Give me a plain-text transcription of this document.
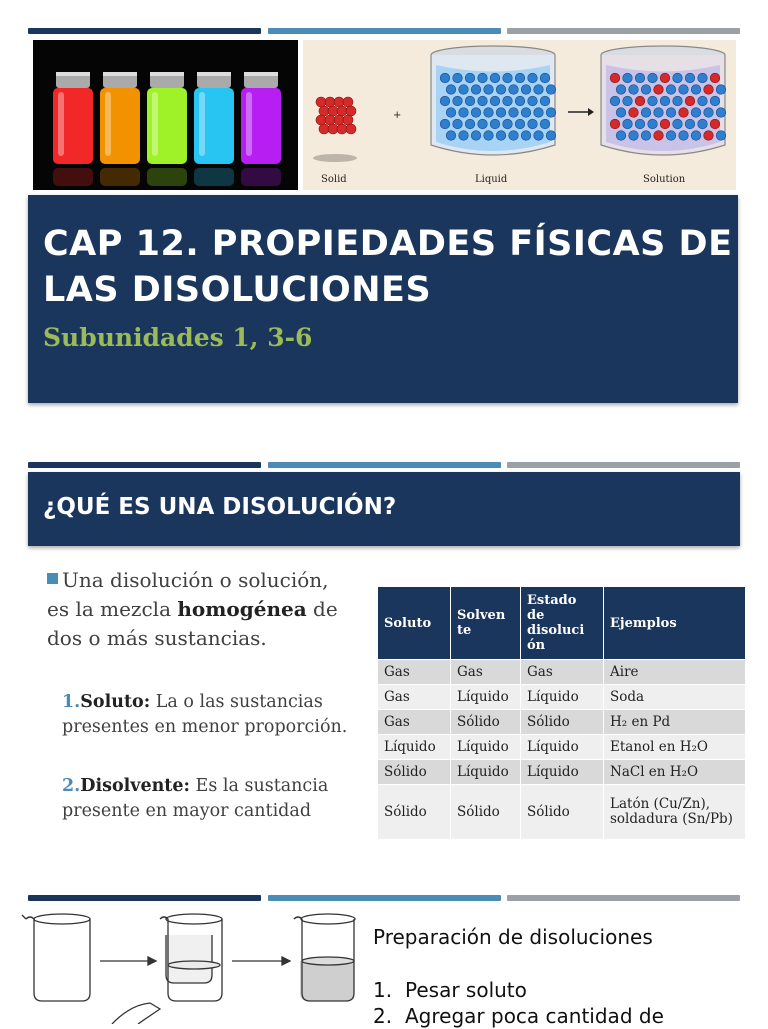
Solid
+
Liquid	Solution
CAP 12. PROPIEDADES FÍSICAS DE LAS DISOLUCIONES
Subunidades 1, 3-6
¿QUÉ ES UNA DISOLUCIÓN?
Una disolución o solución, es la mezcla homogénea de dos o más sustancias.
1.Soluto: La o las sustancias presentes en menor proporción.
2.Disolvente: Es la sustancia presente en mayor cantidad
Soluto	Solven te	Estado de disoluci ón	Ejemplos
Gas	Gas	Gas	Aire
Gas	Líquido	Líquido	Soda
Gas	Sólido	Sólido	H₂ en Pd
Líquido	Líquido	Líquido	Etanol en H₂O
Sólido	Líquido	Líquido	NaCl en H₂O
Sólido	Sólido	Sólido	Latón (Cu/Zn), soldadura (Sn/Pb)
Preparación de disoluciones
1. Pesar soluto
2. Agregar poca cantidad de
